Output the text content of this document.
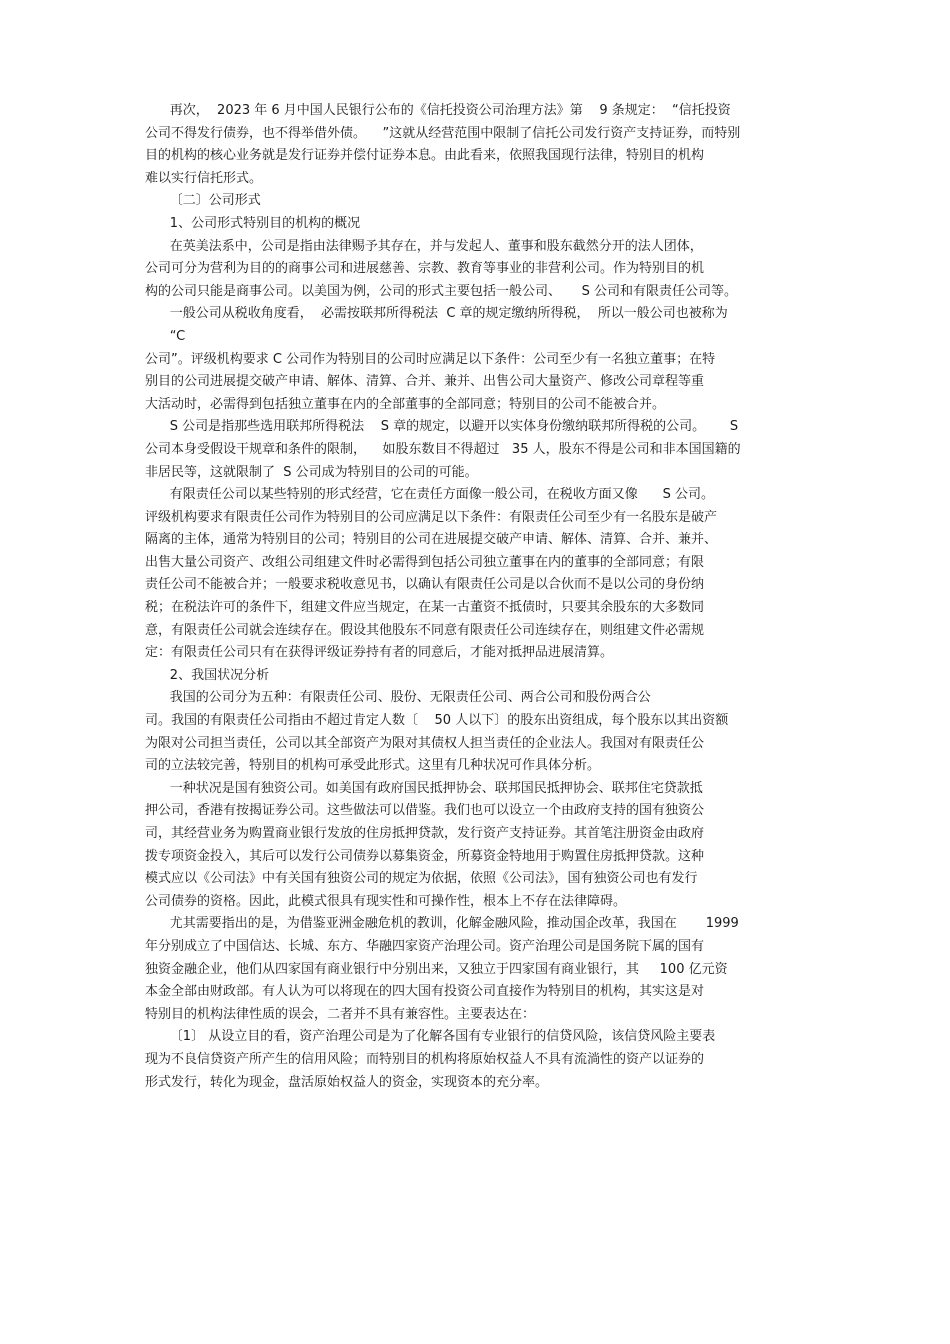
再次，  2023 年 6 月中国人民银行公布的《信托投资公司治理方法》第    9 条规定：  “信托投资
公司不得发行债券，也不得举借外债。    ”这就从经营范围中限制了信托公司发行资产支持证券，而特别
目的机构的核心业务就是发行证券并偿付证券本息。由此看来，依照我国现行法律，特别目的机构
难以实行信托形式。
〔二〕公司形式
1、公司形式特别目的机构的概况
在英美法系中，公司是指由法律赐予其存在，并与发起人、董事和股东截然分开的法人团体，
公司可分为营利为目的的商事公司和进展慈善、宗教、教育等事业的非营利公司。作为特别目的机
构的公司只能是商事公司。以美国为例，公司的形式主要包括一般公司、     S 公司和有限责任公司等。
一般公司从税收角度看，  必需按联邦所得税法  C 章的规定缴纳所得税，  所以一般公司也被称为
“C
公司”。评级机构要求 C 公司作为特别目的公司时应满足以下条件：公司至少有一名独立董事；在特
别目的公司进展提交破产申请、解体、清算、合并、兼并、出售公司大量资产、修改公司章程等重
大活动时，必需得到包括独立董事在内的全部董事的全部同意；特别目的公司不能被合并。
S 公司是指那些选用联邦所得税法    S 章的规定，以避开以实体身份缴纳联邦所得税的公司。      S
公司本身受假设干规章和条件的限制，    如股东数目不得超过   35 人，股东不得是公司和非本国国籍的
非居民等，这就限制了  S 公司成为特别目的公司的可能。
有限责任公司以某些特别的形式经营，它在责任方面像一般公司，在税收方面又像      S 公司。
评级机构要求有限责任公司作为特别目的公司应满足以下条件：有限责任公司至少有一名股东是破产
隔离的主体，通常为特别目的公司；特别目的公司在进展提交破产申请、解体、清算、合并、兼并、
出售大量公司资产、改组公司组建文件时必需得到包括公司独立董事在内的董事的全部同意；有限
责任公司不能被合并；一般要求税收意见书，以确认有限责任公司是以合伙而不是以公司的身份纳
税；在税法许可的条件下，组建文件应当规定，在某一古董资不抵债时，只要其余股东的大多数同
意，有限责任公司就会连续存在。假设其他股东不同意有限责任公司连续存在，则组建文件必需规
定：有限责任公司只有在获得评级证券持有者的同意后，才能对抵押品进展清算。
2、我国状况分析
我国的公司分为五种：有限责任公司、股份、无限责任公司、两合公司和股份两合公
司。我国的有限责任公司指由不超过肯定人数〔    50 人以下〕的股东出资组成，每个股东以其出资额
为限对公司担当责任，公司以其全部资产为限对其债权人担当责任的企业法人。我国对有限责任公
司的立法较完善，特别目的机构可承受此形式。这里有几种状况可作具体分析。
一种状况是国有独资公司。如美国有政府国民抵押协会、联邦国民抵押协会、联邦住宅贷款抵
押公司，香港有按揭证券公司。这些做法可以借鉴。我们也可以设立一个由政府支持的国有独资公
司，其经营业务为购置商业银行发放的住房抵押贷款，发行资产支持证券。其首笔注册资金由政府
拨专项资金投入，其后可以发行公司债券以募集资金，所募资金特地用于购置住房抵押贷款。这种
模式应以《公司法》中有关国有独资公司的规定为依据，依照《公司法》，国有独资公司也有发行
公司债券的资格。因此，此模式很具有现实性和可操作性，根本上不存在法律障碍。
尤其需要指出的是，为借鉴亚洲金融危机的教训，化解金融风险，推动国企改革，我国在       1999
年分别成立了中国信达、长城、东方、华融四家资产治理公司。资产治理公司是国务院下属的国有
独资金融企业，他们从四家国有商业银行中分别出来，又独立于四家国有商业银行，其     100 亿元资
本金全部由财政部。有人认为可以将现在的四大国有投资公司直接作为特别目的机构，其实这是对
特别目的机构法律性质的误会，二者并不具有兼容性。主要表达在：
〔1〕 从设立目的看，资产治理公司是为了化解各国有专业银行的信贷风险，该信贷风险主要表
现为不良信贷资产所产生的信用风险；而特别目的机构将原始权益人不具有流淌性的资产以证券的
形式发行，转化为现金，盘活原始权益人的资金，实现资本的充分率。
